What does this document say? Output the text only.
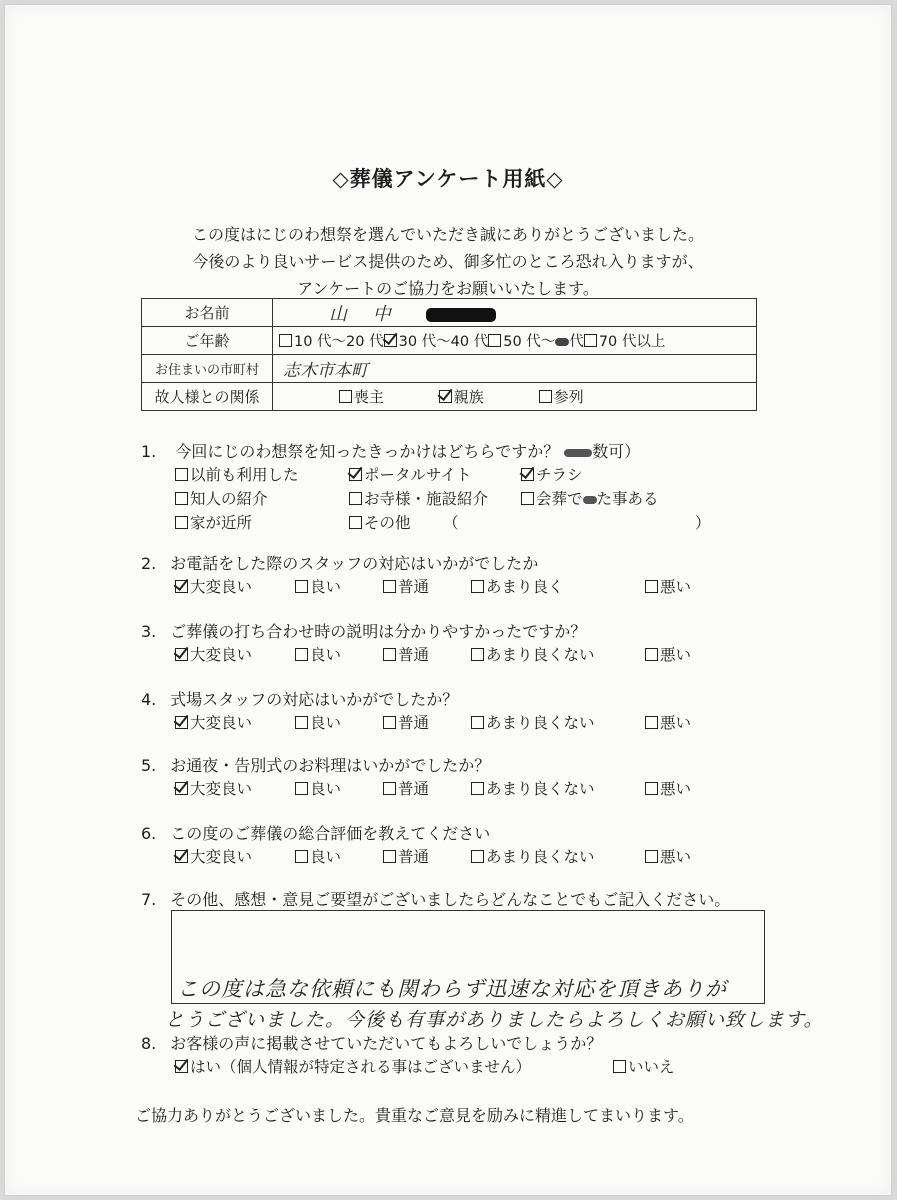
◇葬儀アンケート用紙◇
この度はにじのわ想祭を選んでいただき誠にありがとうございました。
今後のより良いサービス提供のため、御多忙のところ恐れ入りますが、
アンケートのご協力をお願いいたします。
お名前	山 中
ご年齢	10 代～20 代 30 代～40 代 50 代～ 代 70 代以上
お住まいの市町村	志木市本町
故人様との関係	喪主 親族 参列
1. 今回にじのわ想祭を知ったきっかけはどちらですか？ 数可）
以前も利用した	ポータルサイト	チラシ
知人の紹介	お寺様・施設紹介	会葬で た事ある
家が近所	その他 （	）
2. お電話をした際のスタッフの対応はいかがでしたか
大変良い	良い	普通	あまり良く	悪い
3. ご葬儀の打ち合わせ時の説明は分かりやすかったですか？
大変良い	良い	普通	あまり良くない	悪い
4. 式場スタッフの対応はいかがでしたか？
大変良い	良い	普通	あまり良くない	悪い
5. お通夜・告別式のお料理はいかがでしたか？
大変良い	良い	普通	あまり良くない	悪い
6. この度のご葬儀の総合評価を教えてください
大変良い	良い	普通	あまり良くない	悪い
7. その他、感想・意見ご要望がございましたらどんなことでもご記入ください。

この度は急な依頼にも関わらず迅速な対応を頂きありが
とうございました。今後も有事がありましたらよろしくお願い致します。
8. お客様の声に掲載させていただいてもよろしいでしょうか？
はい（個人情報が特定される事はございません）	いいえ
ご協力ありがとうございました。貴重なご意見を励みに精進してまいります。
